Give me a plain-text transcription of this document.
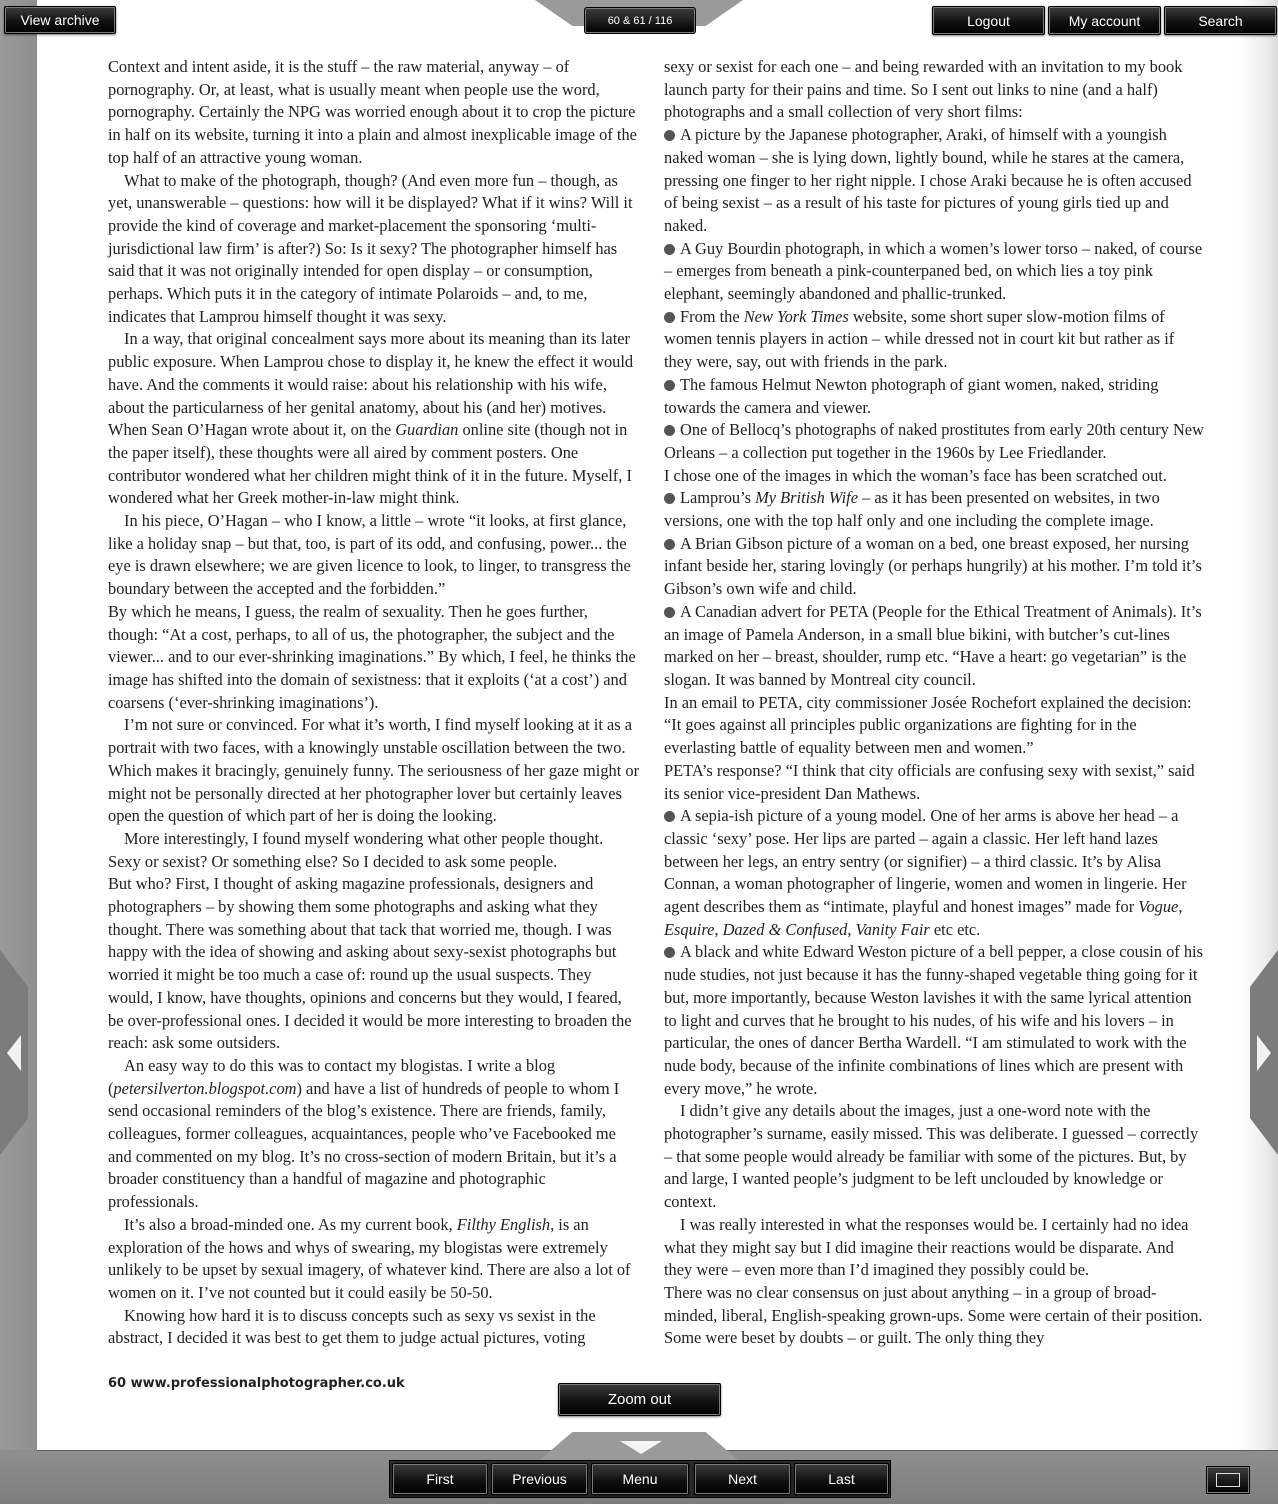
View archive	60 & 61 / 116	Logout	My account	Search

Context and intent aside, it is the stuff – the raw material, anyway – of pornography. Or, at least, what is usually meant when people use the word, pornography. Certainly the NPG was worried enough about it to crop the picture in half on its website, turning it into a plain and almost inexplicable image of the top half of an attractive young woman.

What to make of the photograph, though? (And even more fun – though, as yet, unanswerable – questions: how will it be displayed? What if it wins? Will it provide the kind of coverage and market-placement the sponsoring ‘multi-jurisdictional law firm’ is after?) So: Is it sexy? The photographer himself has said that it was not originally intended for open display – or consumption, perhaps. Which puts it in the category of intimate Polaroids – and, to me, indicates that Lamprou himself thought it was sexy.

In a way, that original concealment says more about its meaning than its later public exposure. When Lamprou chose to display it, he knew the effect it would have. And the comments it would raise: about his relationship with his wife, about the particularness of her genital anatomy, about his (and her) motives. When Sean O’Hagan wrote about it, on the Guardian online site (though not in the paper itself), these thoughts were all aired by comment posters. One contributor wondered what her children might think of it in the future. Myself, I wondered what her Greek mother-in-law might think.

In his piece, O’Hagan – who I know, a little – wrote “it looks, at first glance, like a holiday snap – but that, too, is part of its odd, and confusing, power... the eye is drawn elsewhere; we are given licence to look, to linger, to transgress the boundary between the accepted and the forbidden.”

By which he means, I guess, the realm of sexuality. Then he goes further, though: “At a cost, perhaps, to all of us, the photographer, the subject and the viewer... and to our ever-shrinking imaginations.” By which, I feel, he thinks the image has shifted into the domain of sexistness: that it exploits (‘at a cost’) and coarsens (‘ever-shrinking imaginations’).

I’m not sure or convinced. For what it’s worth, I find myself looking at it as a portrait with two faces, with a knowingly unstable oscillation between the two. Which makes it bracingly, genuinely funny. The seriousness of her gaze might or might not be personally directed at her photographer lover but certainly leaves open the question of which part of her is doing the looking.

More interestingly, I found myself wondering what other people thought. Sexy or sexist? Or something else? So I decided to ask some people.

But who? First, I thought of asking magazine professionals, designers and photographers – by showing them some photographs and asking what they thought. There was something about that tack that worried me, though. I was happy with the idea of showing and asking about sexy-sexist photographs but worried it might be too much a case of: round up the usual suspects. They would, I know, have thoughts, opinions and concerns but they would, I feared, be over-professional ones. I decided it would be more interesting to broaden the reach: ask some outsiders.

An easy way to do this was to contact my blogistas. I write a blog (petersilverton.blogspot.com) and have a list of hundreds of people to whom I send occasional reminders of the blog’s existence. There are friends, family, colleagues, former colleagues, acquaintances, people who’ve Facebooked me and commented on my blog. It’s no cross-section of modern Britain, but it’s a broader constituency than a handful of magazine and photographic professionals.

It’s also a broad-minded one. As my current book, Filthy English, is an exploration of the hows and whys of swearing, my blogistas were extremely unlikely to be upset by sexual imagery, of whatever kind. There are also a lot of women on it. I’ve not counted but it could easily be 50-50.

Knowing how hard it is to discuss concepts such as sexy vs sexist in the abstract, I decided it was best to get them to judge actual pictures, voting

sexy or sexist for each one – and being rewarded with an invitation to my book launch party for their pains and time. So I sent out links to nine (and a half) photographs and a small collection of very short films:

A picture by the Japanese photographer, Araki, of himself with a youngish naked woman – she is lying down, lightly bound, while he stares at the camera, pressing one finger to her right nipple. I chose Araki because he is often accused of being sexist – as a result of his taste for pictures of young girls tied up and naked.

A Guy Bourdin photograph, in which a women’s lower torso – naked, of course – emerges from beneath a pink-counterpaned bed, on which lies a toy pink elephant, seemingly abandoned and phallic-trunked.

From the New York Times website, some short super slow-motion films of women tennis players in action – while dressed not in court kit but rather as if they were, say, out with friends in the park.

The famous Helmut Newton photograph of giant women, naked, striding towards the camera and viewer.

One of Bellocq’s photographs of naked prostitutes from early 20th century New Orleans – a collection put together in the 1960s by Lee Friedlander.

I chose one of the images in which the woman’s face has been scratched out.

Lamprou’s My British Wife – as it has been presented on websites, in two versions, one with the top half only and one including the complete image.

A Brian Gibson picture of a woman on a bed, one breast exposed, her nursing infant beside her, staring lovingly (or perhaps hungrily) at his mother. I’m told it’s Gibson’s own wife and child.

A Canadian advert for PETA (People for the Ethical Treatment of Animals). It’s an image of Pamela Anderson, in a small blue bikini, with butcher’s cut-lines marked on her – breast, shoulder, rump etc. “Have a heart: go vegetarian” is the slogan. It was banned by Montreal city council.

In an email to PETA, city commissioner Josée Rochefort explained the decision: “It goes against all principles public organizations are fighting for in the everlasting battle of equality between men and women.”

PETA’s response? “I think that city officials are confusing sexy with sexist,” said its senior vice-president Dan Mathews.

A sepia-ish picture of a young model. One of her arms is above her head – a classic ‘sexy’ pose. Her lips are parted – again a classic. Her left hand lazes between her legs, an entry sentry (or signifier) – a third classic. It’s by Alisa Connan, a woman photographer of lingerie, women and women in lingerie. Her agent describes them as “intimate, playful and honest images” made for Vogue, Esquire, Dazed & Confused, Vanity Fair etc etc.

A black and white Edward Weston picture of a bell pepper, a close cousin of his nude studies, not just because it has the funny-shaped vegetable thing going for it but, more importantly, because Weston lavishes it with the same lyrical attention to light and curves that he brought to his nudes, of his wife and his lovers – in particular, the ones of dancer Bertha Wardell. “I am stimulated to work with the nude body, because of the infinite combinations of lines which are present with every move,” he wrote.

I didn’t give any details about the images, just a one-word note with the photographer’s surname, easily missed. This was deliberate. I guessed – correctly – that some people would already be familiar with some of the pictures. But, by and large, I wanted people’s judgment to be left unclouded by knowledge or context.

I was really interested in what the responses would be. I certainly had no idea what they might say but I did imagine their reactions would be disparate. And they were – even more than I’d imagined they possibly could be.

There was no clear consensus on just about anything – in a group of broad-minded, liberal, English-speaking grown-ups. Some were certain of their position. Some were beset by doubts – or guilt. The only thing they

60 www.professionalphotographer.co.uk
Zoom out
First	Previous	Menu	Next	Last
